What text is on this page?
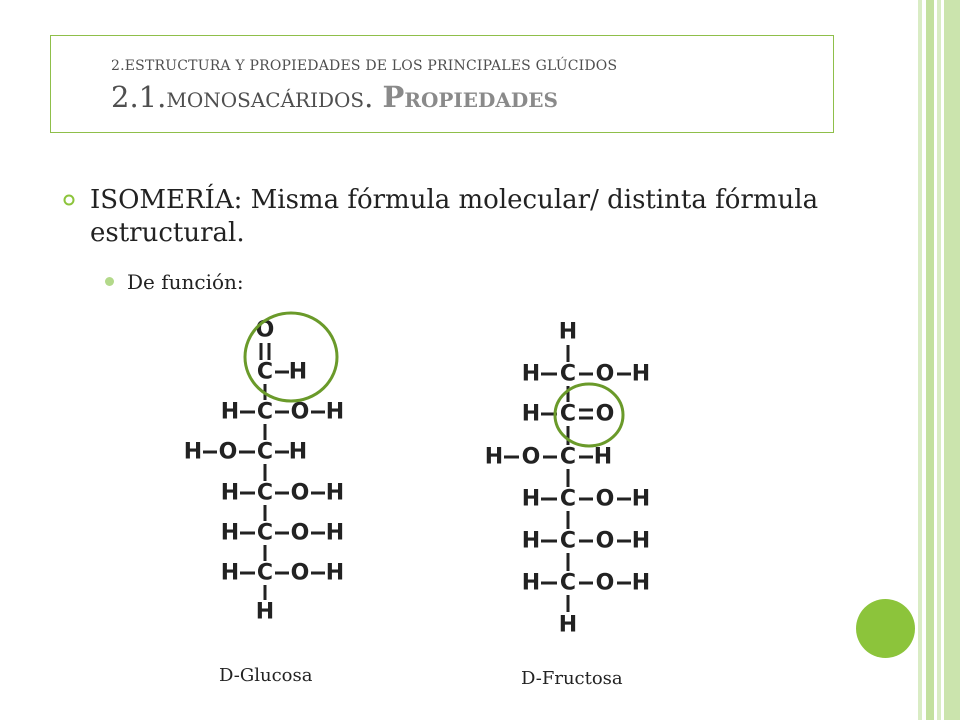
2.ESTRUCTURA Y PROPIEDADES DE LOS PRINCIPALES GLÚCIDOS
2.1.monosacáridos. Propiedades
ISOMERÍA: Misma fórmula molecular/ distinta fórmula estructural.
De función:
O
C H
H C O H
H O C H
H C O H
H C O H
H C O H
H
H
H C O H
H C O
H O C H
H C O H
H C O H
H C O H
H
D-Glucosa	D-Fructosa
